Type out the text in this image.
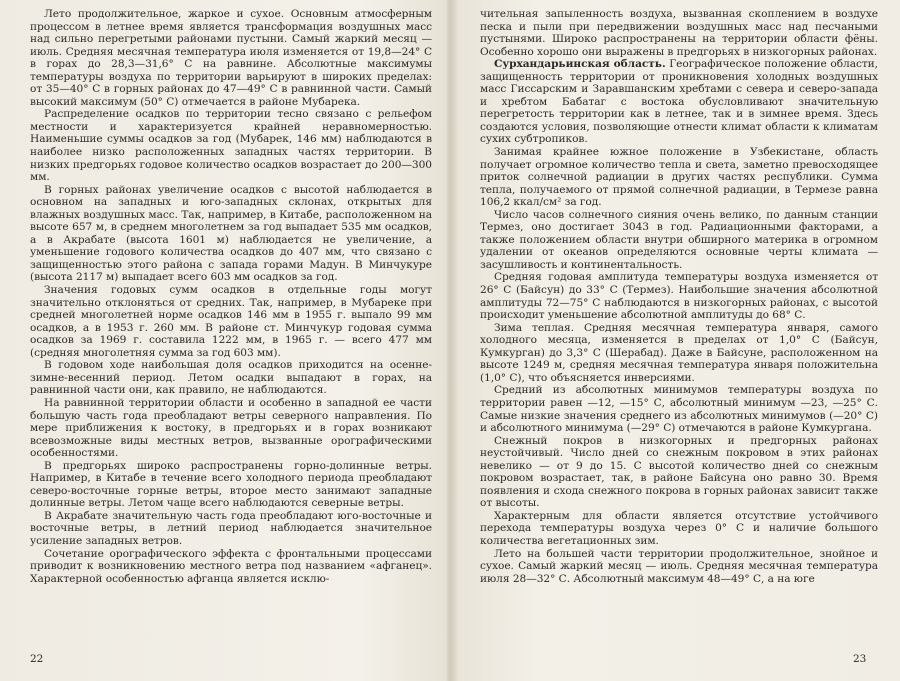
Лето продолжительное, жаркое и сухое. Основным атмосферным процессом в летнее время является трансформация воздушных масс над сильно перегретыми районами пустыни. Самый жаркий месяц — июль. Средняя месячная температура июля изменяется от 19,8—24° С в горах до 28,3—31,6° С на равнине. Абсолютные максимумы температуры воздуха по территории варьируют в широких пределах: от 35—40° С в горных районах до 47—49° С в равнинной части. Самый высокий максимум (50° С) отмечается в районе Мубарека.

Распределение осадков по территории тесно связано с рельефом местности и характеризуется крайней неравномерностью. Наименьшие суммы осадков за год (Мубарек, 146 мм) наблюдаются в наиболее низко расположенных западных частях территории. В низких предгорьях годовое количество осадков возрастает до 200—300 мм.

В горных районах увеличение осадков с высотой наблюдается в основном на западных и юго-западных склонах, открытых для влажных воздушных масс. Так, например, в Китабе, расположенном на высоте 657 м, в среднем многолетнем за год выпадает 535 мм осадков, а в Акрабате (высота 1601 м) наблюдается не увеличение, а уменьшение годового количества осадков до 407 мм, что связано с защищенностью этого района с запада горами Мадун. В Минчукуре (высота 2117 м) выпадает всего 603 мм осадков за год.

Значения годовых сумм осадков в отдельные годы могут значительно отклоняться от средних. Так, например, в Мубареке при средней многолетней норме осадков 146 мм в 1955 г. выпало 99 мм осадков, а в 1953 г. 260 мм. В районе ст. Минчукур годовая сумма осадков за 1969 г. составила 1222 мм, в 1965 г. — всего 477 мм (средняя многолетняя сумма за год 603 мм).

В годовом ходе наибольшая доля осадков приходится на осенне-зимне-весенний период. Летом осадки выпадают в горах, на равнинной части они, как правило, не наблюдаются.

На равнинной территории области и особенно в западной ее части большую часть года преобладают ветры северного направления. По мере приближения к востоку, в предгорьях и в горах возникают всевозможные виды местных ветров, вызванные орографическими особенностями.

В предгорьях широко распространены горно-долинные ветры. Например, в Китабе в течение всего холодного периода преобладают северо-восточные горные ветры, второе место занимают западные долинные ветры. Летом чаще всего наблюдаются северные ветры.

В Акрабате значительную часть года преобладают юго-восточные и восточные ветры, в летний период наблюдается значительное усиление западных ветров.

Сочетание орографического эффекта с фронтальными процессами приводит к возникновению местного ветра под названием «афганец». Характерной особенностью афганца является исклю-

22

чительная запыленность воздуха, вызванная скоплением в воздухе песка и пыли при передвижении воздушных масс над песчаными пустынями. Широко распространены на территории области фёны. Особенно хорошо они выражены в предгорьях в низкогорных районах.

Сурхандарьинская область. Географическое положение области, защищенность территории от проникновения холодных воздушных масс Гиссарским и Заравшанским хребтами с севера и северо-запада и хребтом Бабатаг с востока обусловливают значительную перегретость территории как в летнее, так и в зимнее время. Здесь создаются условия, позволяющие отнести климат области к климатам сухих субтропиков.

Занимая крайнее южное положение в Узбекистане, область получает огромное количество тепла и света, заметно превосходящее приток солнечной радиации в других частях республики. Сумма тепла, получаемого от прямой солнечной радиации, в Термезе равна 106,2 ккал/см² за год.

Число часов солнечного сияния очень велико, по данным станции Термез, оно достигает 3043 в год. Радиационными факторами, а также положением области внутри обширного материка в огромном удалении от океанов определяются основные черты климата — засушливость и континентальность.

Средняя годовая амплитуда температуры воздуха изменяется от 26° С (Байсун) до 33° С (Термез). Наибольшие значения абсолютной амплитуды 72—75° С наблюдаются в низкогорных районах, с высотой происходит уменьшение абсолютной амплитуды до 68° С.

Зима теплая. Средняя месячная температура января, самого холодного месяца, изменяется в пределах от 1,0° С (Байсун, Кумкурган) до 3,3° С (Шерабад). Даже в Байсуне, расположенном на высоте 1249 м, средняя месячная температура января положительна (1,0° С), что объясняется инверсиями.

Средний из абсолютных минимумов температуры воздуха по территории равен —12, —15° С, абсолютный минимум —23, —25° С. Самые низкие значения среднего из абсолютных минимумов (—20° С) и абсолютного минимума (—29° С) отмечаются в районе Кумкургана.

Снежный покров в низкогорных и предгорных районах неустойчивый. Число дней со снежным покровом в этих районах невелико — от 9 до 15. С высотой количество дней со снежным покровом возрастает, так, в районе Байсуна оно равно 30. Время появления и схода снежного покрова в горных районах зависит также от высоты.

Характерным для области является отсутствие устойчивого перехода температуры воздуха через 0° С и наличие большого количества вегетационных зим.

Лето на большей части территории продолжительное, знойное и сухое. Самый жаркий месяц — июль. Средняя месячная температура июля 28—32° С. Абсолютный максимум 48—49° С, а на юге

23
